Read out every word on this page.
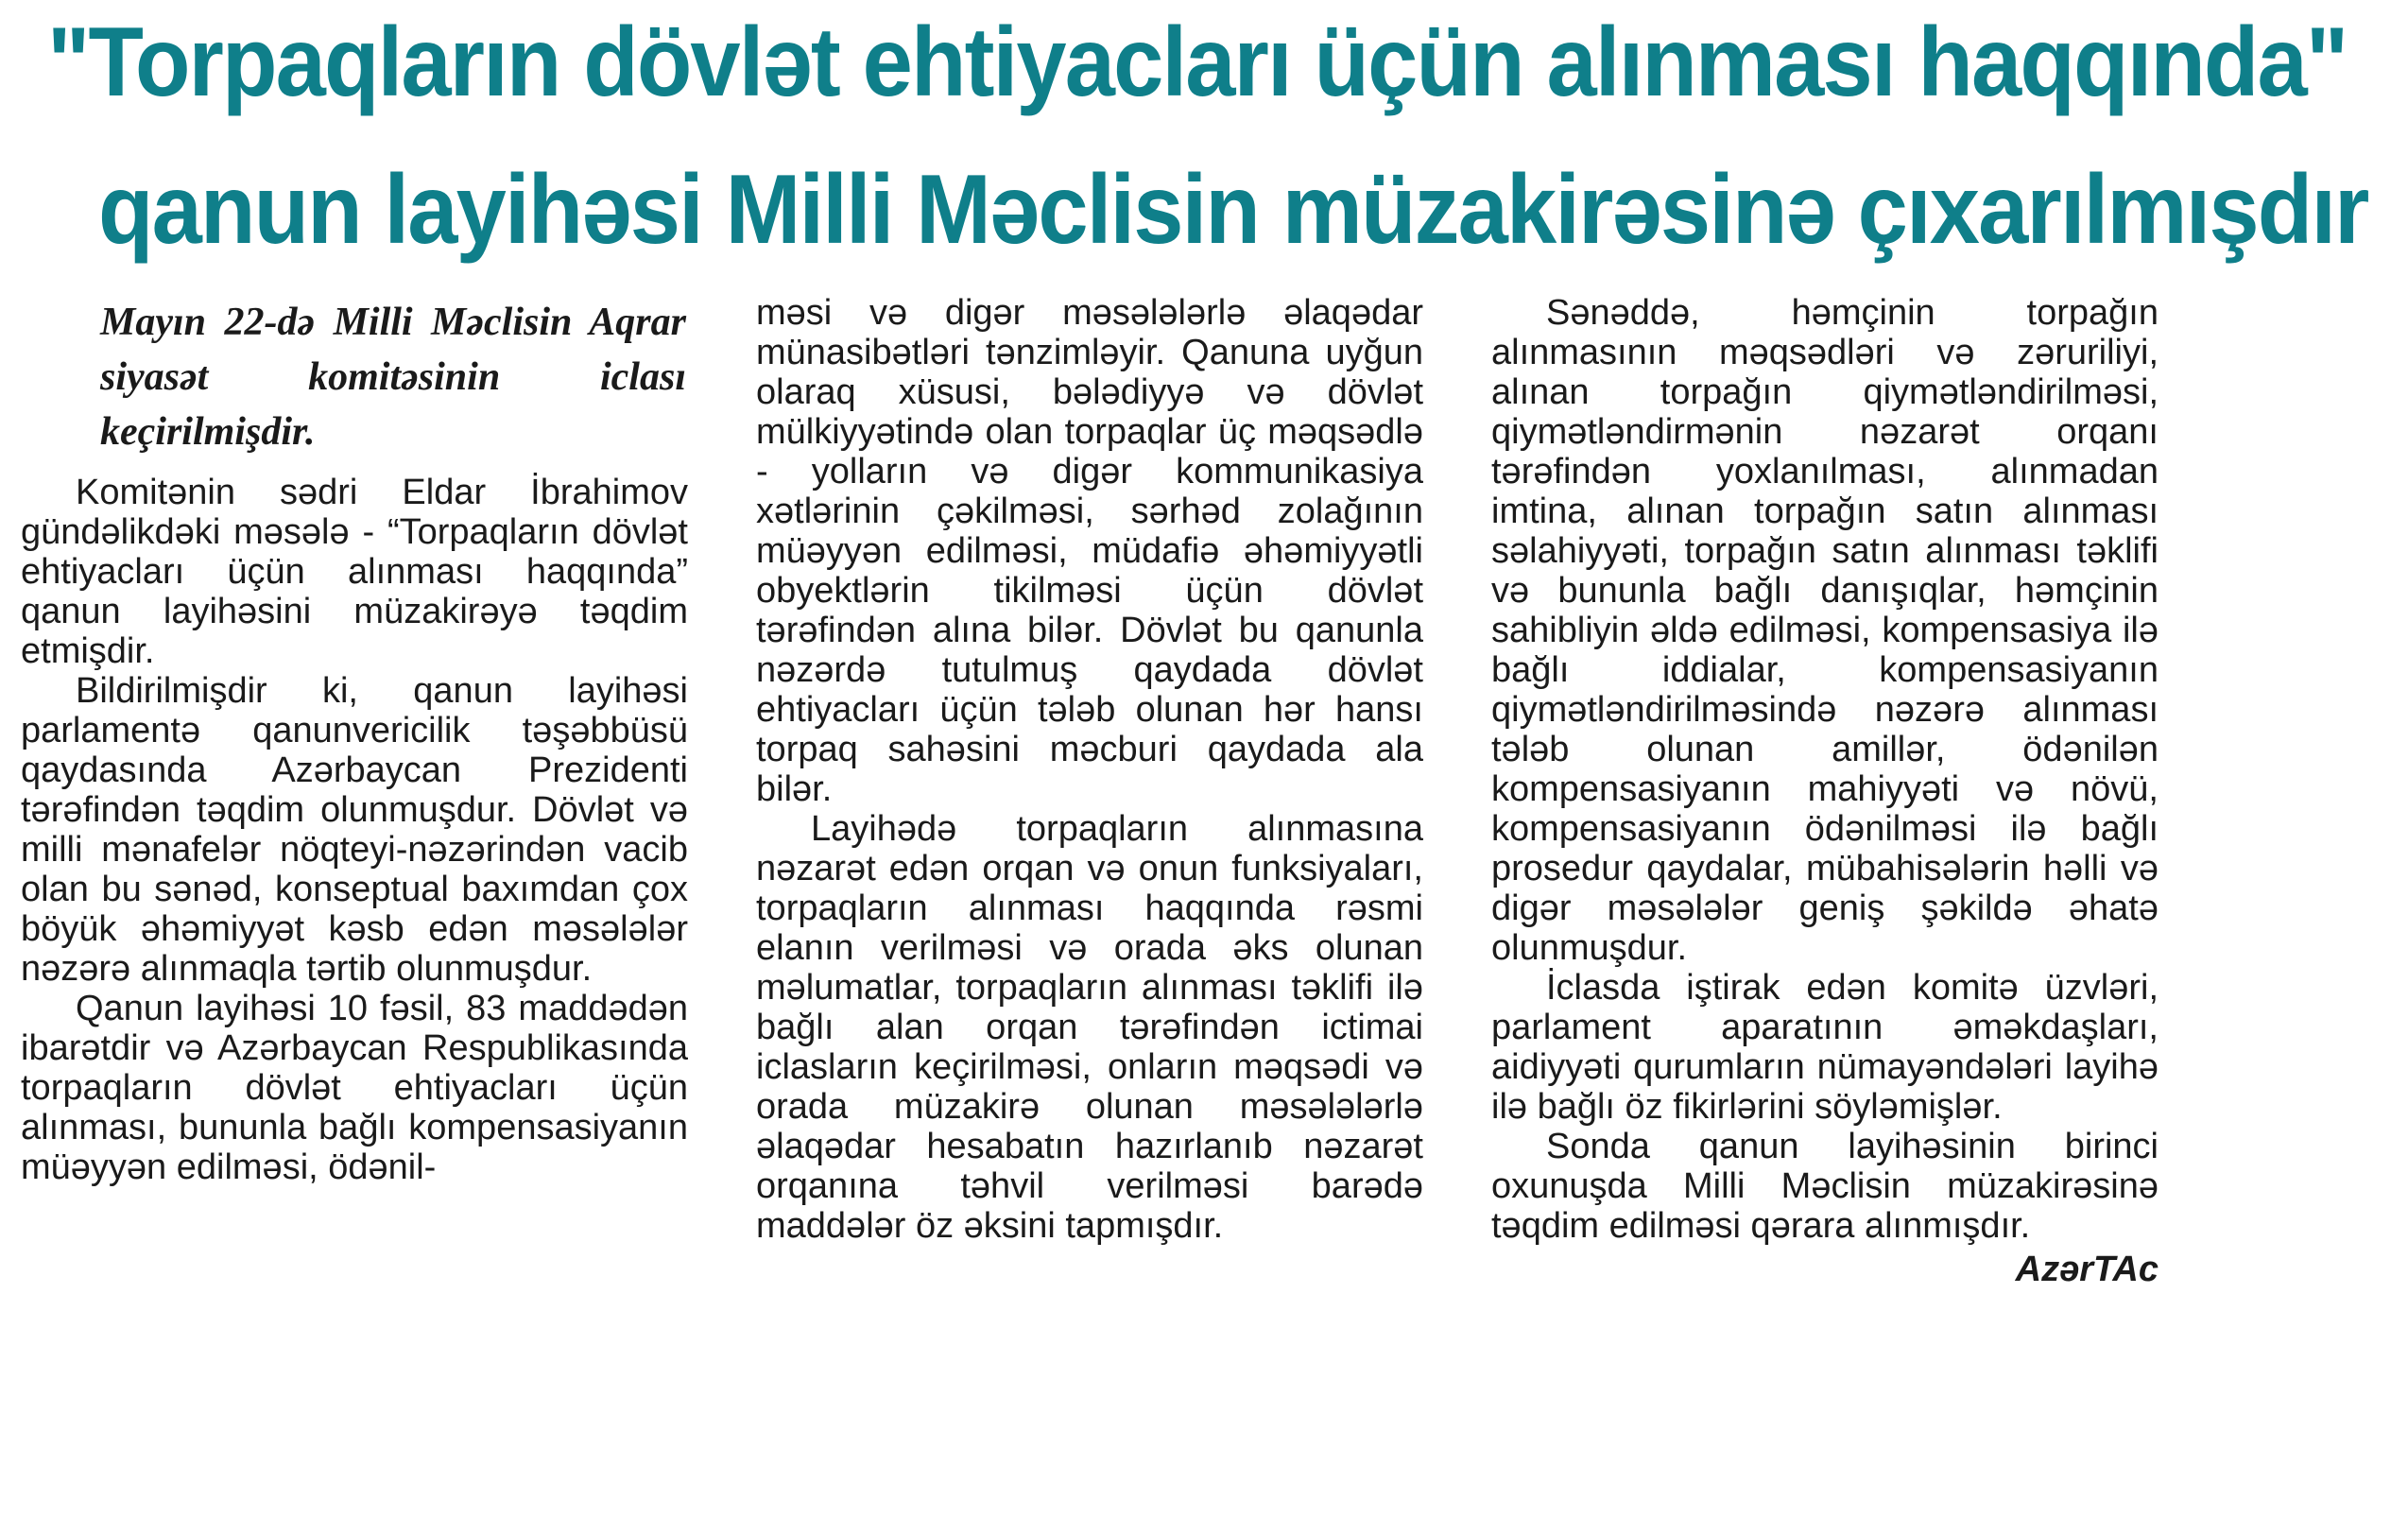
"Torpaqların dövlət ehtiyacları üçün alınması haqqında"
qanun layihəsi Milli Məclisin müzakirəsinə çıxarılmışdır

Mayın 22-də Milli Məclisin Aqrar siyasət komitəsinin iclası keçirilmişdir.

Komitənin sədri Eldar İbrahimov gündəlikdəki məsələ - “Torpaqların dövlət ehtiyacları üçün alınması haqqında” qanun layihəsini müzakirəyə təqdim etmişdir.

Bildirilmişdir ki, qanun layihəsi parlamentə qanunvericilik təşəbbüsü qaydasında Azərbaycan Prezidenti tərəfindən təqdim olunmuşdur. Dövlət və milli mənafelər nöqteyi-nəzərindən vacib olan bu sənəd, konseptual baxımdan çox böyük əhəmiyyət kəsb edən məsələlər nəzərə alınmaqla tərtib olunmuşdur.

Qanun layihəsi 10 fəsil, 83 maddədən ibarətdir və Azərbaycan Respublikasında torpaqların dövlət ehtiyacları üçün alınması, bununla bağlı kompensasiyanın müəyyən edilməsi, ödənil-

məsi və digər məsələlərlə əlaqədar münasibətləri tənzimləyir. Qanuna uyğun olaraq xüsusi, bələdiyyə və dövlət mülkiyyətində olan torpaqlar üç məqsədlə - yolların və digər kommunikasiya xətlərinin çəkilməsi, sərhəd zolağının müəyyən edilməsi, müdafiə əhəmiyyətli obyektlərin tikilməsi üçün dövlət tərəfindən alına bilər. Dövlət bu qanunla nəzərdə tutulmuş qaydada dövlət ehtiyacları üçün tələb olunan hər hansı torpaq sahəsini məcburi qaydada ala bilər.

Layihədə torpaqların alınmasına nəzarət edən orqan və onun funksiyaları, torpaqların alınması haqqında rəsmi elanın verilməsi və orada əks olunan məlumatlar, torpaqların alınması təklifi ilə bağlı alan orqan tərəfindən ictimai iclasların keçirilməsi, onların məqsədi və orada müzakirə olunan məsələlərlə əlaqədar hesabatın hazırlanıb nəzarət orqanına təhvil verilməsi barədə maddələr öz əksini tapmışdır.

Sənəddə, həmçinin torpağın alınmasının məqsədləri və zəruriliyi, alınan torpağın qiymətləndirilməsi, qiymətləndirmənin nəzarət orqanı tərəfindən yoxlanılması, alınmadan imtina, alınan torpağın satın alınması səlahiyyəti, torpağın satın alınması təklifi və bununla bağlı danışıqlar, həmçinin sahibliyin əldə edilməsi, kompensasiya ilə bağlı iddialar, kompensasiyanın qiymətləndirilməsində nəzərə alınması tələb olunan amillər, ödənilən kompensasiyanın mahiyyəti və növü, kompensasiyanın ödənilməsi ilə bağlı prosedur qaydalar, mübahisələrin həlli və digər məsələlər geniş şəkildə əhatə olunmuşdur.

İclasda iştirak edən komitə üzvləri, parlament aparatının əməkdaşları, aidiyyəti qurumların nümayəndələri layihə ilə bağlı öz fikirlərini söyləmişlər.

Sonda qanun layihəsinin birinci oxunuşda Milli Məclisin müzakirəsinə təqdim edilməsi qərara alınmışdır.

AzərTAc
